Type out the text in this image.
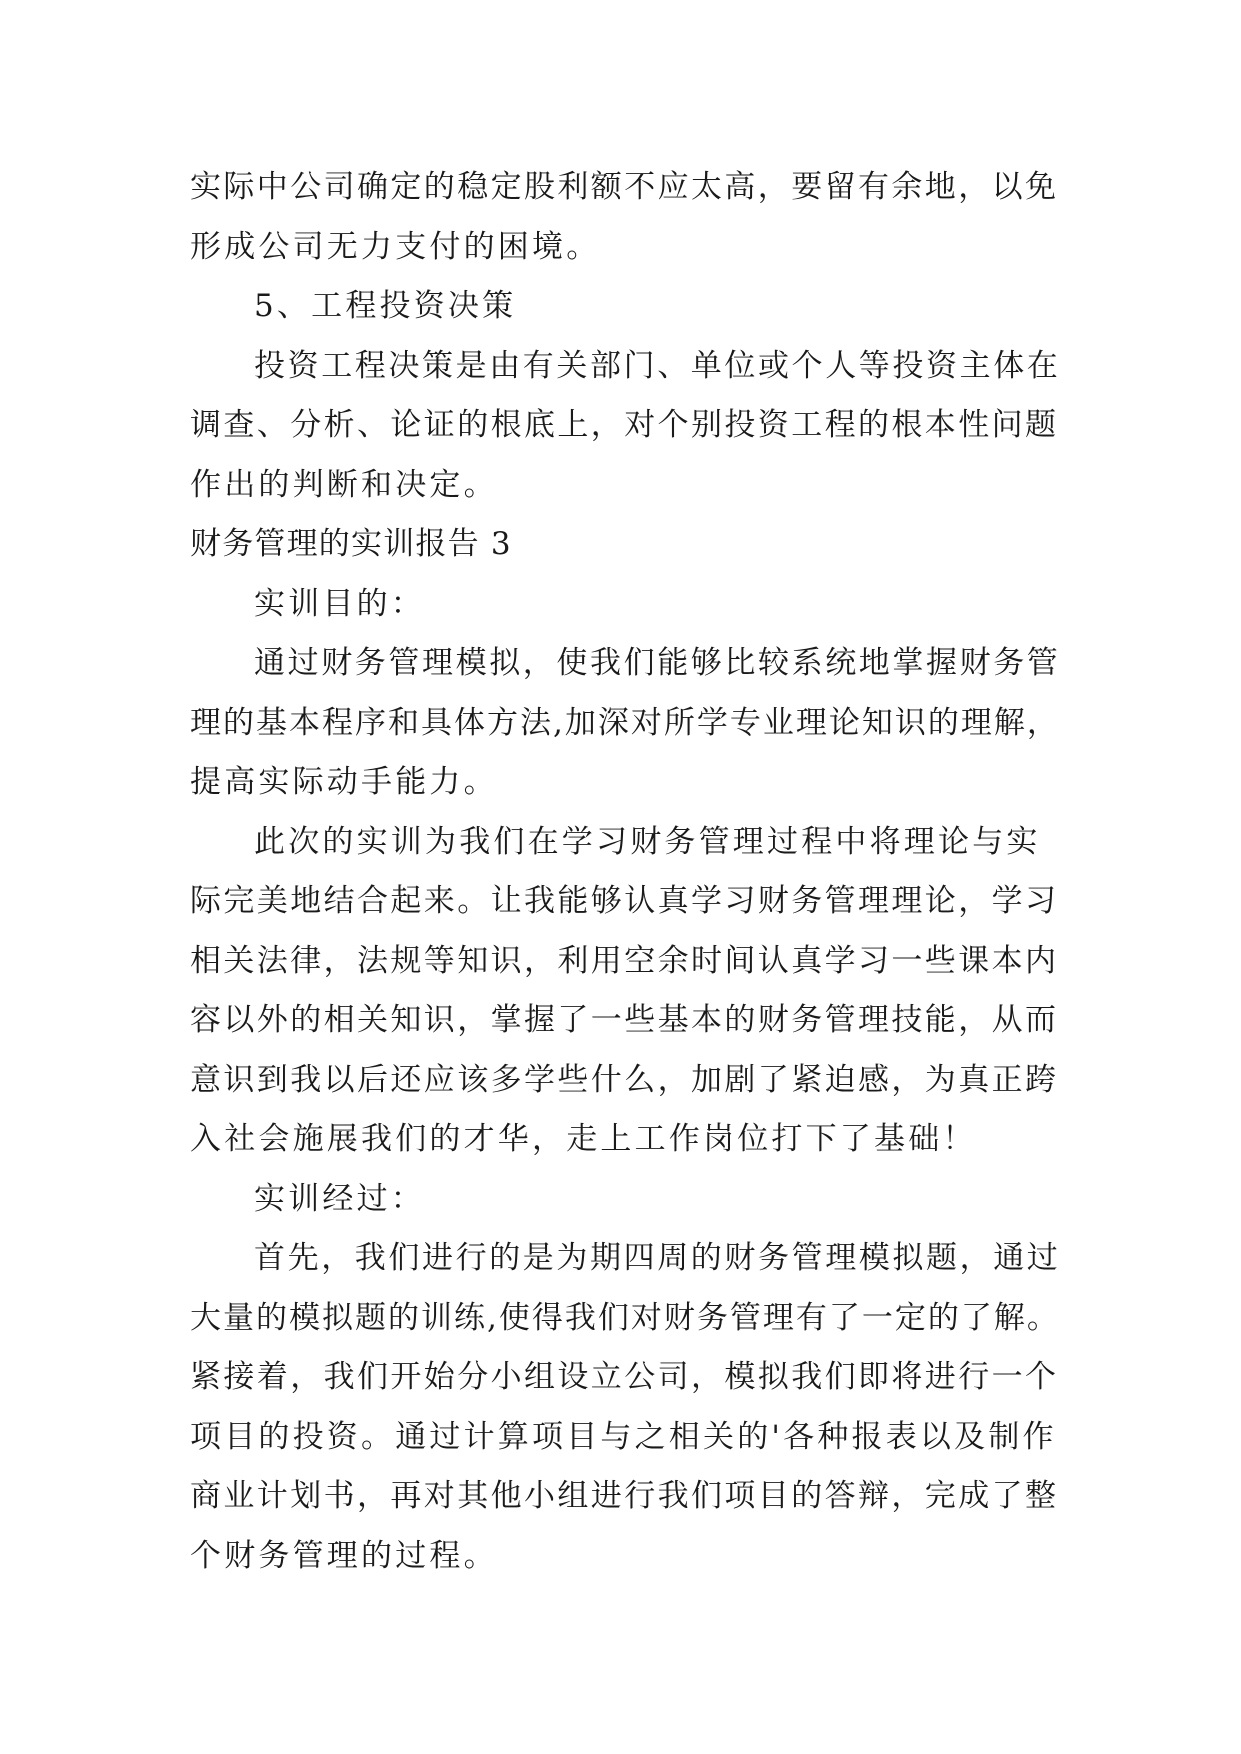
实际中公司确定的稳定股利额不应太高，要留有余地，以免
形成公司无力支付的困境。
5、工程投资决策
投资工程决策是由有关部门、单位或个人等投资主体在
调查、分析、论证的根底上，对个别投资工程的根本性问题
作出的判断和决定。
财务管理的实训报告 3
实训目的：
通过财务管理模拟，使我们能够比较系统地掌握财务管
理的基本程序和具体方法,加深对所学专业理论知识的理解，
提高实际动手能力。
此次的实训为我们在学习财务管理过程中将理论与实
际完美地结合起来。让我能够认真学习财务管理理论，学习
相关法律，法规等知识，利用空余时间认真学习一些课本内
容以外的相关知识，掌握了一些基本的财务管理技能，从而
意识到我以后还应该多学些什么，加剧了紧迫感，为真正跨
入社会施展我们的才华，走上工作岗位打下了基础！
实训经过：
首先，我们进行的是为期四周的财务管理模拟题，通过
大量的模拟题的训练,使得我们对财务管理有了一定的了解。
紧接着，我们开始分小组设立公司，模拟我们即将进行一个
项目的投资。通过计算项目与之相关的'各种报表以及制作
商业计划书，再对其他小组进行我们项目的答辩，完成了整
个财务管理的过程。
